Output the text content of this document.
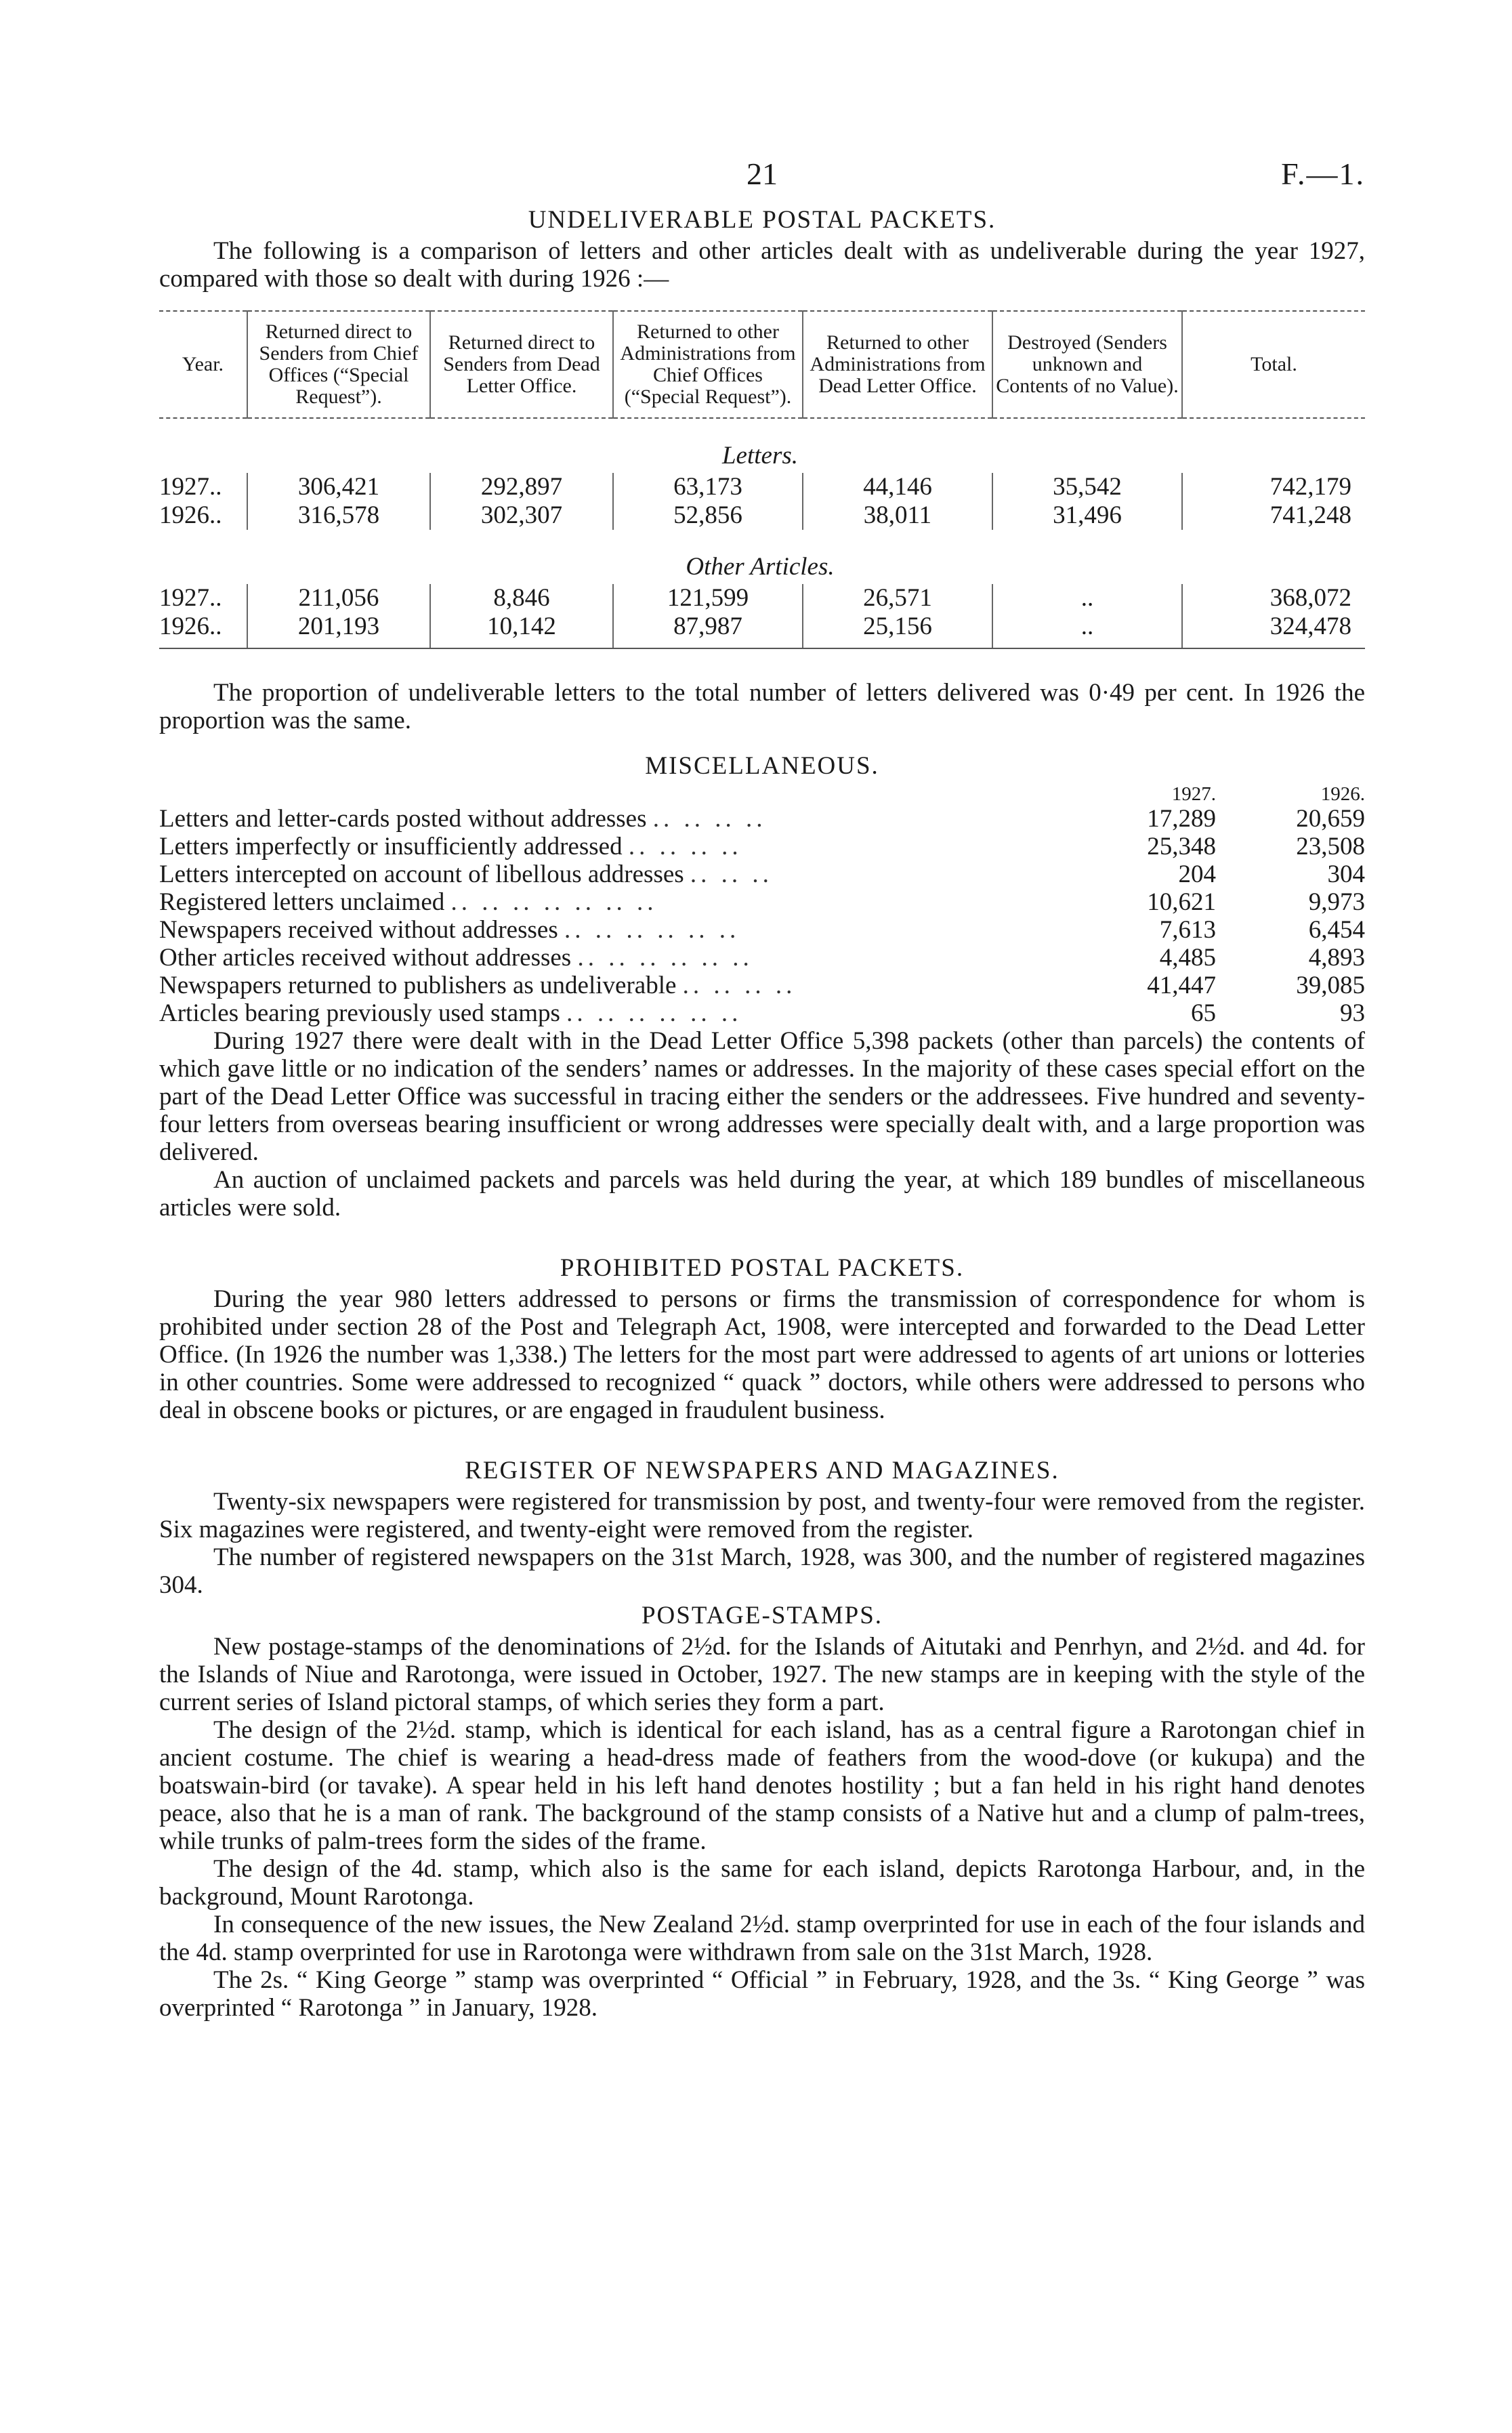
21	F.—1.
UNDELIVERABLE POSTAL PACKETS.

The following is a comparison of letters and other articles dealt with as undeliverable during the year 1927, compared with those so dealt with during 1926 :—

Year.	Returned direct to Senders from Chief Offices (“Special Request”).	Returned direct to Senders from Dead Letter Office.	Returned to other Administrations from Chief Offices (“Special Request”).	Returned to other Administrations from Dead Letter Office.	Destroyed (Senders unknown and Contents of no Value).	Total.
Letters.						
1927..	306,421	292,897	63,173	44,146	35,542	742,179
1926..	316,578	302,307	52,856	38,011	31,496	741,248
Other Articles.						
1927..	211,056	8,846	121,599	26,571	..	368,072
1926..	201,193	10,142	87,987	25,156	..	324,478

The proportion of undeliverable letters to the total number of letters delivered was 0·49 per cent. In 1926 the proportion was the same.

MISCELLANEOUS.
	1927.	1926.
Letters and letter-cards posted without addresses .. .. .. ..	17,289	20,659
Letters imperfectly or insufficiently addressed .. .. .. ..	25,348	23,508
Letters intercepted on account of libellous addresses .. .. ..	204	304
Registered letters unclaimed .. .. .. .. .. .. ..	10,621	9,973
Newspapers received without addresses .. .. .. .. .. ..	7,613	6,454
Other articles received without addresses .. .. .. .. .. ..	4,485	4,893
Newspapers returned to publishers as undeliverable .. .. .. ..	41,447	39,085
Articles bearing previously used stamps .. .. .. .. .. ..	65	93

During 1927 there were dealt with in the Dead Letter Office 5,398 packets (other than parcels) the contents of which gave little or no indication of the senders’ names or addresses. In the majority of these cases special effort on the part of the Dead Letter Office was successful in tracing either the senders or the addressees. Five hundred and seventy-four letters from overseas bearing insufficient or wrong addresses were specially dealt with, and a large proportion was delivered.

An auction of unclaimed packets and parcels was held during the year, at which 189 bundles of miscellaneous articles were sold.

PROHIBITED POSTAL PACKETS.

During the year 980 letters addressed to persons or firms the transmission of correspondence for whom is prohibited under section 28 of the Post and Telegraph Act, 1908, were intercepted and forwarded to the Dead Letter Office. (In 1926 the number was 1,338.) The letters for the most part were addressed to agents of art unions or lotteries in other countries. Some were addressed to recognized “ quack ” doctors, while others were addressed to persons who deal in obscene books or pictures, or are engaged in fraudulent business.

REGISTER OF NEWSPAPERS AND MAGAZINES.

Twenty-six newspapers were registered for transmission by post, and twenty-four were removed from the register. Six magazines were registered, and twenty-eight were removed from the register.

The number of registered newspapers on the 31st March, 1928, was 300, and the number of registered magazines 304.

POSTAGE-STAMPS.

New postage-stamps of the denominations of 2½d. for the Islands of Aitutaki and Penrhyn, and 2½d. and 4d. for the Islands of Niue and Rarotonga, were issued in October, 1927. The new stamps are in keeping with the style of the current series of Island pictoral stamps, of which series they form a part.

The design of the 2½d. stamp, which is identical for each island, has as a central figure a Rarotongan chief in ancient costume. The chief is wearing a head-dress made of feathers from the wood-dove (or kukupa) and the boatswain-bird (or tavake). A spear held in his left hand denotes hostility ; but a fan held in his right hand denotes peace, also that he is a man of rank. The background of the stamp consists of a Native hut and a clump of palm-trees, while trunks of palm-trees form the sides of the frame.

The design of the 4d. stamp, which also is the same for each island, depicts Rarotonga Harbour, and, in the background, Mount Rarotonga.

In consequence of the new issues, the New Zealand 2½d. stamp overprinted for use in each of the four islands and the 4d. stamp overprinted for use in Rarotonga were withdrawn from sale on the 31st March, 1928.

The 2s. “ King George ” stamp was overprinted “ Official ” in February, 1928, and the 3s. “ King George ” was overprinted “ Rarotonga ” in January, 1928.
